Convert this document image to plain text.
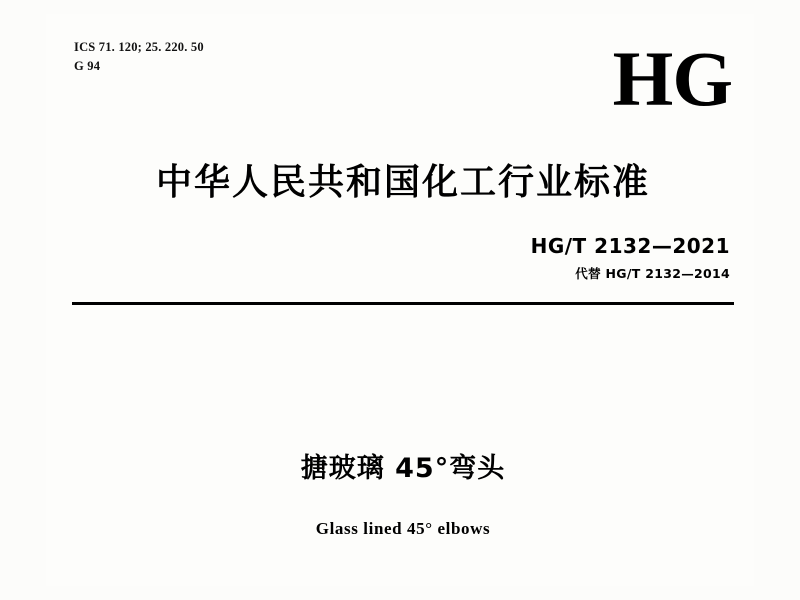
ICS 71. 120; 25. 220. 50
G 94	HG
中华人民共和国化工行业标准
HG/T 2132—2021
代替 HG/T 2132—2014
搪玻璃 45°弯头
Glass lined 45° elbows
